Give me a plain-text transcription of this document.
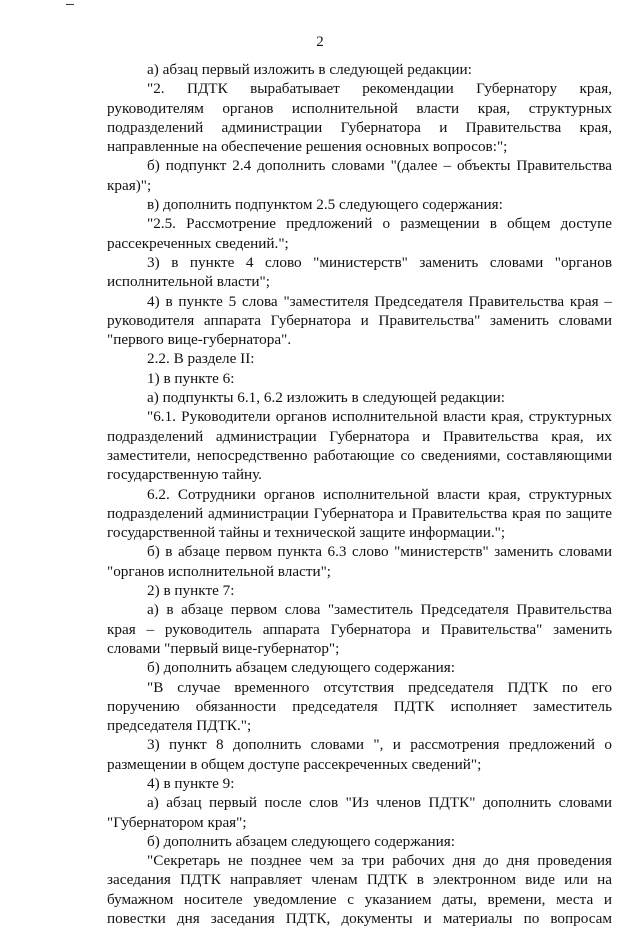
2

а) абзац первый изложить в следующей редакции:

"2. ПДТК вырабатывает рекомендации Губернатору края, руководителям органов исполнительной власти края, структурных подразделений администрации Губернатора и Правительства края, направленные на обеспечение решения основных вопросов:";

б) подпункт 2.4 дополнить словами "(далее – объекты Правительства края)";

в) дополнить подпунктом 2.5 следующего содержания:

"2.5. Рассмотрение предложений о размещении в общем доступе рассекреченных сведений.";

3) в пункте 4 слово "министерств" заменить словами "органов исполнительной власти";

4) в пункте 5 слова "заместителя Председателя Правительства края – руководителя аппарата Губернатора и Правительства" заменить словами "первого вице-губернатора".

2.2. В разделе II:

1) в пункте 6:

а) подпункты 6.1, 6.2 изложить в следующей редакции:

"6.1. Руководители органов исполнительной власти края, структурных подразделений администрации Губернатора и Правительства края, их заместители, непосредственно работающие со сведениями, составляющими государственную тайну.

6.2. Сотрудники органов исполнительной власти края, структурных подразделений администрации Губернатора и Правительства края по защите государственной тайны и технической защите информации.";

б) в абзаце первом пункта 6.3 слово "министерств" заменить словами "органов исполнительной власти";

2) в пункте 7:

а) в абзаце первом слова "заместитель Председателя Правительства края – руководитель аппарата Губернатора и Правительства" заменить словами "первый вице-губернатор";

б) дополнить абзацем следующего содержания:

"В случае временного отсутствия председателя ПДТК по его поручению обязанности председателя ПДТК исполняет заместитель председателя ПДТК.";

3) пункт 8 дополнить словами ", и рассмотрения предложений о размещении в общем доступе рассекреченных сведений";

4) в пункте 9:

а) абзац первый после слов "Из членов ПДТК" дополнить словами "Губернатором края";

б) дополнить абзацем следующего содержания:

"Секретарь не позднее чем за три рабочих дня до дня проведения заседания ПДТК направляет членам ПДТК в электронном виде или на бумажном носителе уведомление с указанием даты, времени, места и повестки дня заседания ПДТК, документы и материалы по вопросам
